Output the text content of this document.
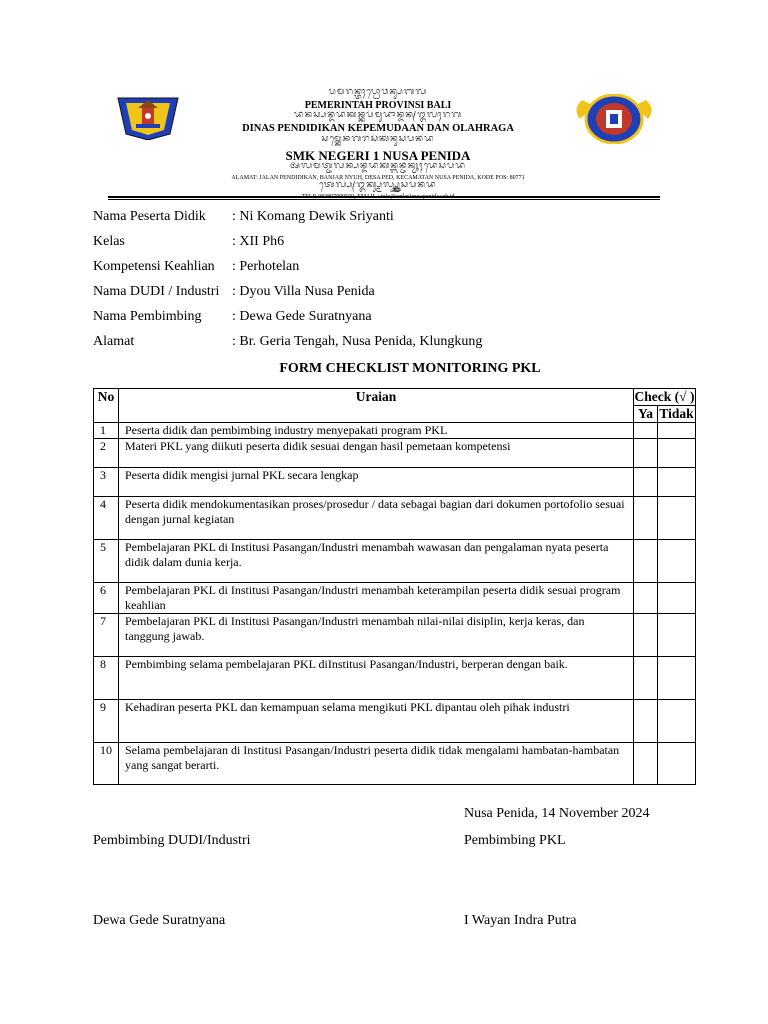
ᬧᭂᬫᭂᬭᬶᬦ᭄ᬢᬄᬧ᭄ᬭᭀᬯᬶᬦ᭄ᬲᬶᬩᬮᬶ

PEMERINTAH PROVINSI BALI

ᬤᬶᬦᬲ᭄ᬧᭂᬦ᭄ᬤᬶᬤᬶᬓᬦ᭄ᬓᭂᬧᭂᬫᬸᬤᬵᬦ᭄ᬤᬦ᭄ᬑᬮᬄᬭᬕ

DINAS PENDIDIKAN KEPEMUDAAN DAN OLAHRAGA

ᬲᬫ᭄ᬓᬾᬦᭂᬕᭂᬭᬶᬲᬶᬓᬶᬦᬸᬲᬧᭂᬦᬶᬤ

SMK NEGERI 1 NUSA PENIDA

ᬅᬮᬫᬢ᭄ᬚᬮᬦ᭄ᬧᭂᬦ᭄ᬤᬶᬤᬶᬓᬦ᭄ᬩᬦ᭄ᬚᬃᬦ᭄ᬬᬸᬄᬤᬾᬲᬧᭂᬤ

ALAMAT: JALAN PENDIDIKAN, BANJAR NYUH, DESA PED, KECAMATAN NUSA PENIDA, KODE POS: 80771

ᬢᬾᬮ᭄ᬧ᭄ᬑᬓ᭄ᬲ᭄ᬫᬶᬮ᭄ᬲ᭄ᬫ᭄ᬓ᭄ᬦᬸᬲᬧᭂᬦᬶᬤ

TELP. 082897099500, EMAIL : info@smkn1nusapenida.sch.id

Nama Peserta Didik	: Ni Komang Dewik Sriyanti
Kelas	: XII Ph6
Kompetensi Keahlian	: Perhotelan
Nama DUDI / Industri : Dyou Villa Nusa Penida
Nama Pembimbing	: Dewa Gede Suratnyana
Alamat	: Br. Geria Tengah, Nusa Penida, Klungkung
FORM CHECKLIST MONITORING PKL
No	Uraian	Check (√ )	
		Ya	Tidak
1	Peserta didik dan pembimbing industry menyepakati program PKL		
2	Materi PKL yang diikuti peserta didik sesuai dengan hasil pemetaan kompetensi		
3	Peserta didik mengisi jurnal PKL secara lengkap		
4	Peserta didik mendokumentasikan proses/prosedur / data sebagai bagian dari dokumen portofolio sesuai dengan jurnal kegiatan		
5	Pembelajaran PKL di Institusi Pasangan/Industri menambah wawasan dan pengalaman nyata peserta didik dalam dunia kerja.		
6	Pembelajaran PKL di Institusi Pasangan/Industri menambah keterampilan peserta didik sesuai program keahlian		
7	Pembelajaran PKL di Institusi Pasangan/Industri menambah nilai-nilai disiplin, kerja keras, dan tanggung jawab.		
8	Pembimbing selama pembelajaran PKL diInstitusi Pasangan/Industri, berperan dengan baik.		
9	Kehadiran peserta PKL dan kemampuan selama mengikuti PKL dipantau oleh pihak industri		
10	Selama pembelajaran di Institusi Pasangan/Industri peserta didik tidak mengalami hambatan-hambatan yang sangat berarti.		
Nusa Penida, 14 November 2024
Pembimbing DUDI/Industri	Pembimbing PKL
Dewa Gede Suratnyana	I Wayan Indra Putra
